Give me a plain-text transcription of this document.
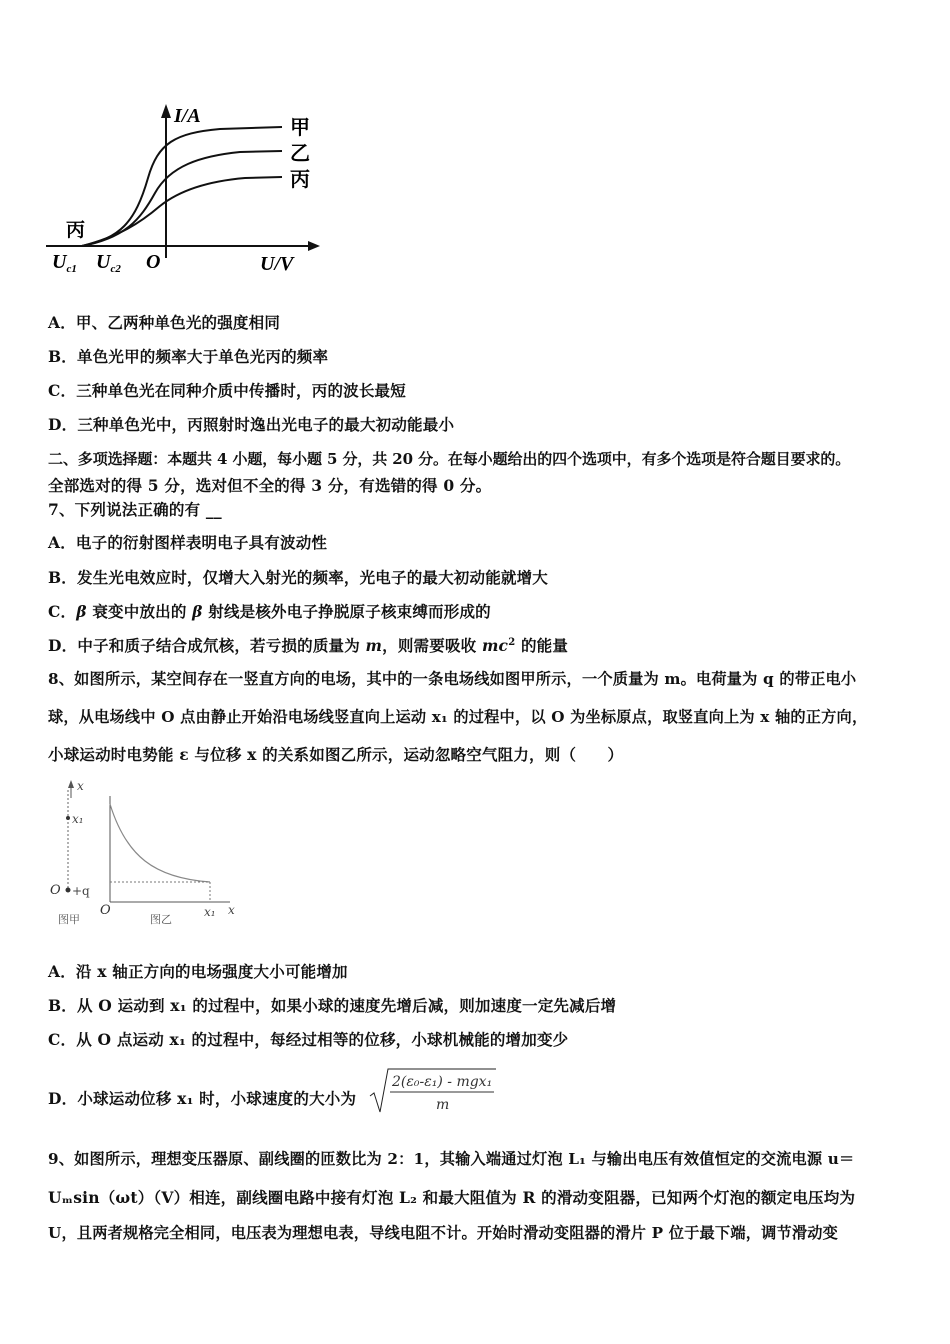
I/A	甲
乙
丙
丙
$U_{c1}$ $U_{c2}$ O	U/V
A．甲、乙两种单色光的强度相同
B．单色光甲的频率大于单色光丙的频率
C．三种单色光在同种介质中传播时，丙的波长最短
D．三种单色光中，丙照射时逸出光电子的最大初动能最小
二、多项选择题：本题共 4 小题，每小题 5 分，共 20 分。在每小题给出的四个选项中，有多个选项是符合题目要求的。
全部选对的得 5 分，选对但不全的得 3 分，有选错的得 0 分。
7、下列说法正确的有 __
A．电子的衍射图样表明电子具有波动性
B．发生光电效应时，仅增大入射光的频率，光电子的最大初动能就增大
C．β 衰变中放出的 β 射线是核外电子挣脱原子核束缚而形成的
D．中子和质子结合成氘核，若亏损的质量为 m，则需要吸收 $mc^2$ 的能量
8、如图所示，某空间存在一竖直方向的电场，其中的一条电场线如图甲所示，一个质量为 m。电荷量为 q 的带正电小
球，从电场线中 O 点由静止开始沿电场线竖直向上运动 x₁ 的过程中，以 O 为坐标原点，取竖直向上为 x 轴的正方向，
小球运动时电势能 ε 与位移 x 的关系如图乙所示，运动忽略空气阻力，则（　　）
x
x₁
O +q
图甲
O
图乙
x₁ x
A．沿 x 轴正方向的电场强度大小可能增加
B．从 O 运动到 x₁ 的过程中，如果小球的速度先增后减，则加速度一定先减后增
C．从 O 点运动 x₁ 的过程中，每经过相等的位移，小球机械能的增加变少
D．小球运动位移 x₁ 时，小球速度的大小为
2(ε₀-ε₁) - mgx₁
m
9、如图所示，理想变压器原、副线圈的匝数比为 2：1，其输入端通过灯泡 L₁ 与输出电压有效值恒定的交流电源 u＝
Uₘsin（ωt）（V）相连，副线圈电路中接有灯泡 L₂ 和最大阻值为 R 的滑动变阻器，已知两个灯泡的额定电压均为
U，且两者规格完全相同，电压表为理想电表，导线电阻不计。开始时滑动变阻器的滑片 P 位于最下端，调节滑动变
